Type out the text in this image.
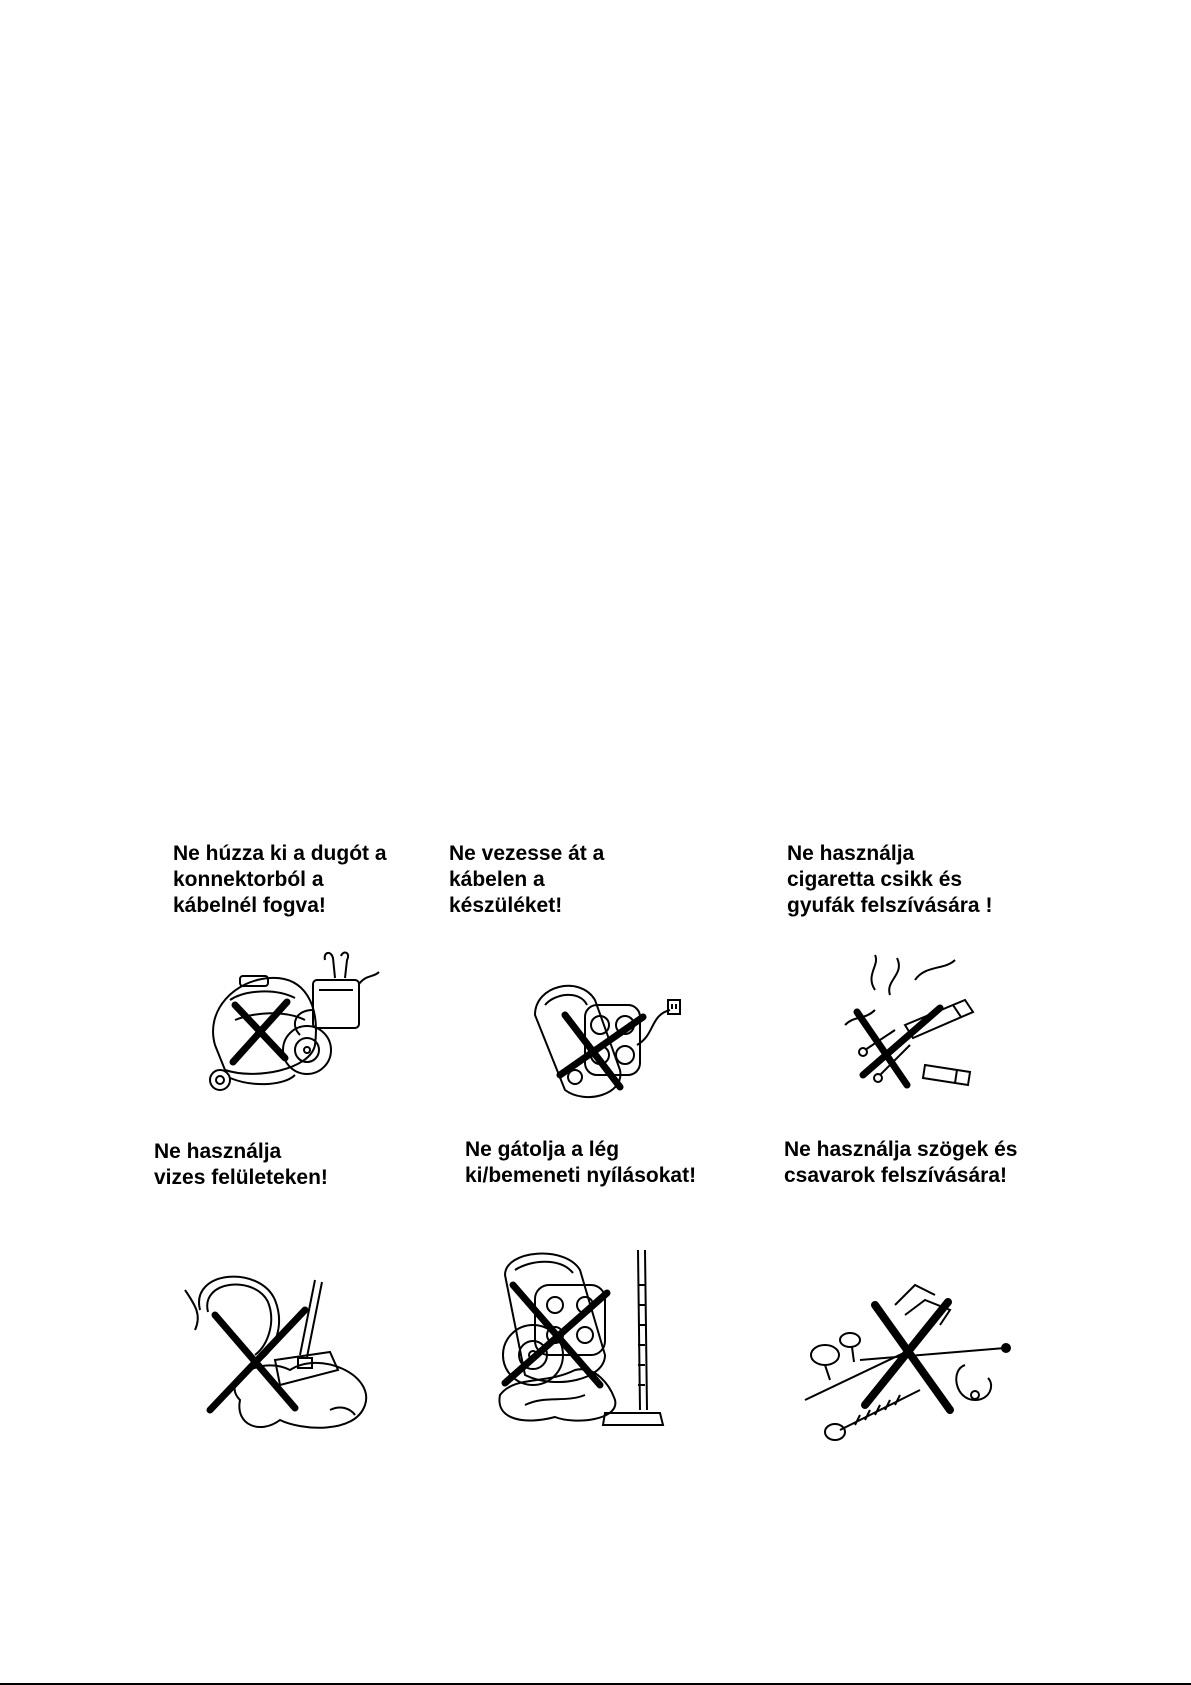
Ne húzza ki a dugót a
konnektorból a
kábelnél fogva!

Ne vezesse át a
kábelen a
készüléket!

Ne használja
cigaretta csikk és
gyufák felszívására !

Ne használja
vizes felületeken!

Ne gátolja a lég
ki/bemeneti nyílásokat!

Ne használja szögek és
csavarok felszívására!
